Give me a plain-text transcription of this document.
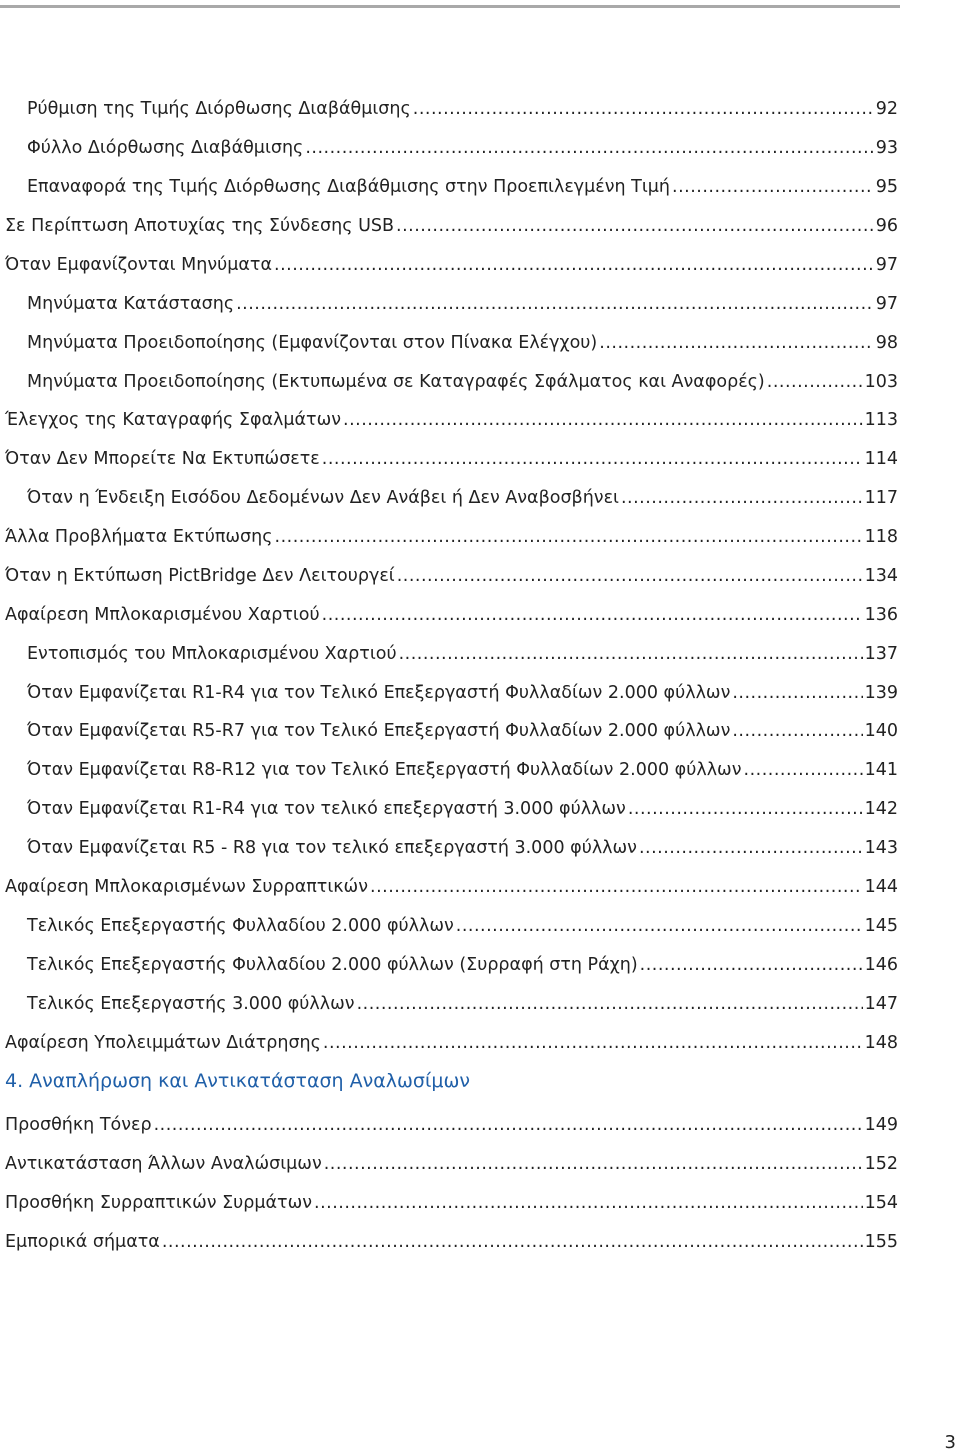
Ρύθμιση της Τιμής Διόρθωσης Διαβάθμισης .....	92
Φύλλο Διόρθωσης Διαβάθμισης .....	93
Επαναφορά της Τιμής Διόρθωσης Διαβάθμισης στην Προεπιλεγμένη Τιμή .....	95
Σε Περίπτωση Αποτυχίας της Σύνδεσης USB .....	96
Όταν Εμφανίζονται Μηνύματα .....	97
Μηνύματα Κατάστασης .....	97
Μηνύματα Προειδοποίησης (Εμφανίζονται στον Πίνακα Ελέγχου) .....	98
Μηνύματα Προειδοποίησης (Εκτυπωμένα σε Καταγραφές Σφάλματος και Αναφορές) .....	103
Έλεγχος της Καταγραφής Σφαλμάτων .....	113
Όταν Δεν Μπορείτε Να Εκτυπώσετε .....	114
Όταν η Ένδειξη Εισόδου Δεδομένων Δεν Ανάβει ή Δεν Αναβοσβήνει .....	117
Άλλα Προβλήματα Εκτύπωσης .....	118
Όταν η Εκτύπωση PictBridge Δεν Λειτουργεί .....	134
Αφαίρεση Μπλοκαρισμένου Χαρτιού .....	136
Εντοπισμός του Μπλοκαρισμένου Χαρτιού .....	137
Όταν Εμφανίζεται R1-R4 για τον Τελικό Επεξεργαστή Φυλλαδίων 2.000 φύλλων .....	139
Όταν Εμφανίζεται R5-R7 για τον Τελικό Επεξεργαστή Φυλλαδίων 2.000 φύλλων .....	140
Όταν Εμφανίζεται R8-R12 για τον Τελικό Επεξεργαστή Φυλλαδίων 2.000 φύλλων .....	141
Όταν Εμφανίζεται R1-R4 για τον τελικό επεξεργαστή 3.000 φύλλων .....	142
Όταν Εμφανίζεται R5 - R8 για τον τελικό επεξεργαστή 3.000 φύλλων .....	143
Αφαίρεση Μπλοκαρισμένων Συρραπτικών .....	144
Τελικός Επεξεργαστής Φυλλαδίου 2.000 φύλλων .....	145
Τελικός Επεξεργαστής Φυλλαδίου 2.000 φύλλων (Συρραφή στη Ράχη) .....	146
Τελικός Επεξεργαστής 3.000 φύλλων .....	147
Αφαίρεση Υπολειμμάτων Διάτρησης .....	148
4. Αναπλήρωση και Αντικατάσταση Αναλωσίμων
Προσθήκη Τόνερ .....	149
Αντικατάσταση Άλλων Αναλώσιμων .....	152
Προσθήκη Συρραπτικών Συρμάτων .....	154
Εμπορικά σήματα .....	155
3
